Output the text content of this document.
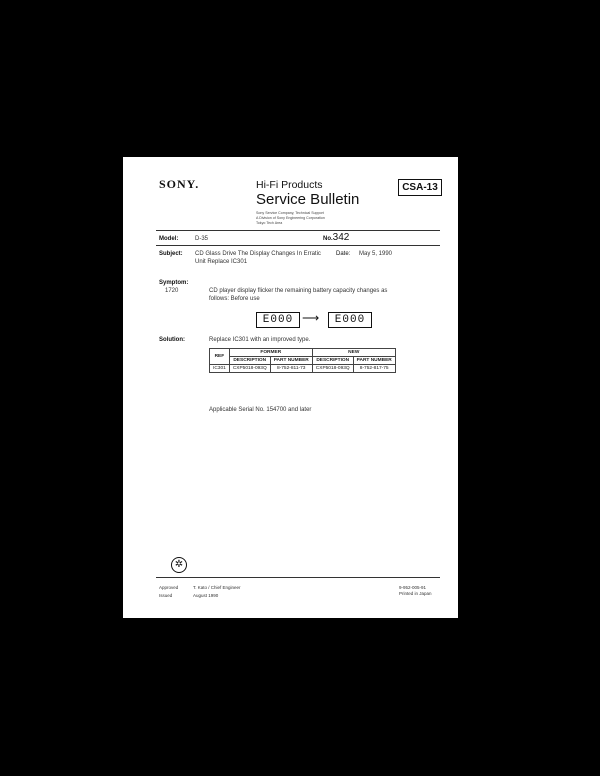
SONY.	Hi-Fi Products
Service Bulletin
Sony Service Company, Technical Support
A Division of Sony Engineering Corporation
Tokyo Tech Area
CSA-13
Model:	D-35	No.342
Subject: CD Glass Drive The Display Changes In Erratic
Unit Replace IC301
Date: May 5, 1990
Symptom:
1720	CD player display flicker the remaining battery capacity changes as
follows: Before use
E000 ⟶	E000
Solution:	Replace IC301 with an improved type.
REF	FORMER		NEW	
	DESCRIPTION	PART NUMBER	DESCRIPTION	PART NUMBER
IC301	CXP5018-093Q	8-752-811-73	CXP5018-093Q	8-752-817-75
Applicable Serial No. 154700 and later
✲
Approved	T. Kato / Chief Engineer
Issued	August 1990
9-952-005-91
Printed in Japan
